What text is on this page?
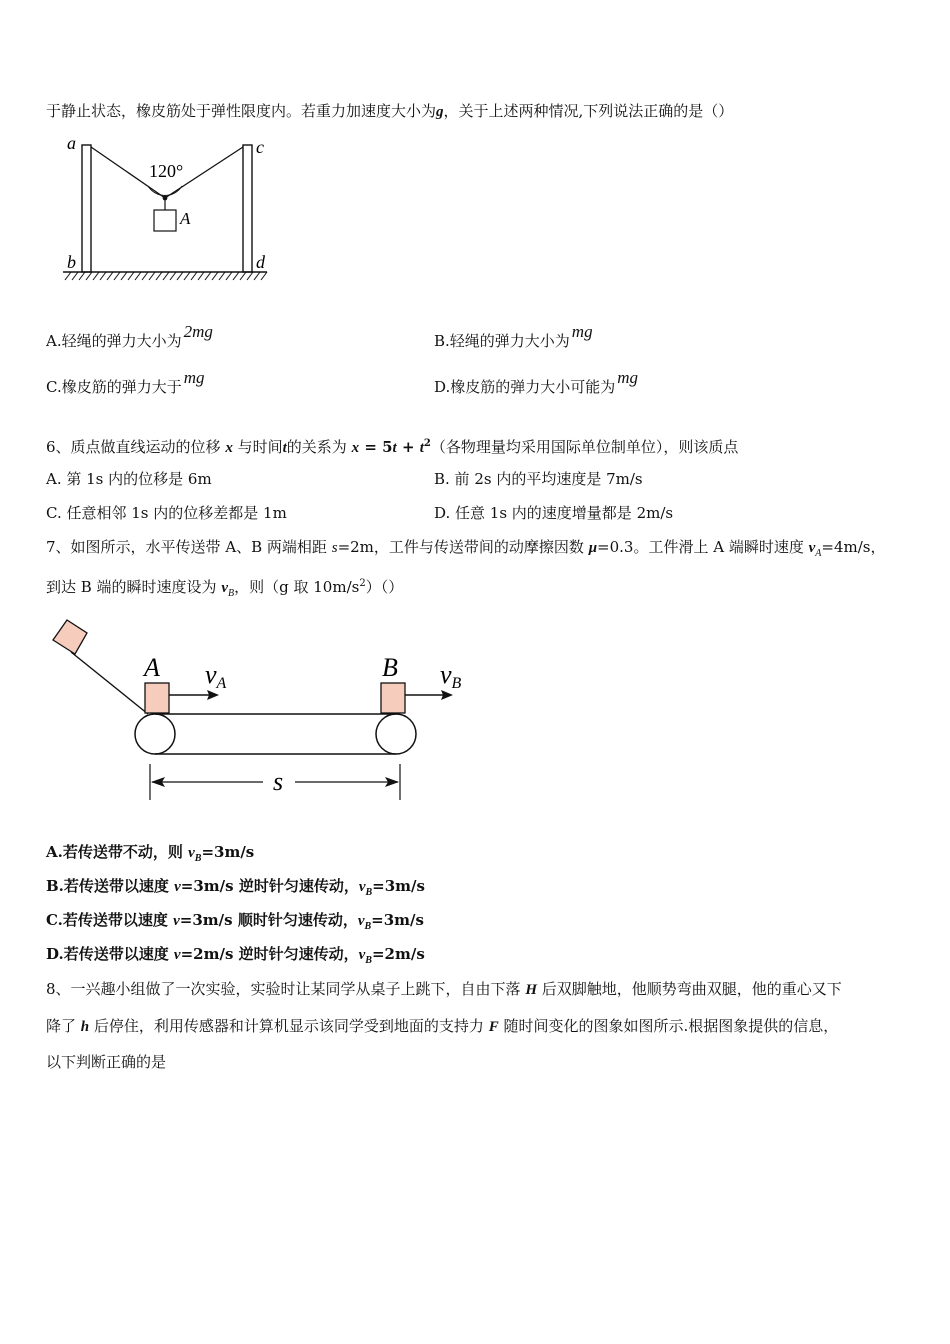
于静止状态，橡皮筋处于弹性限度内。若重力加速度大小为g，关于上述两种情况,下列说法正确的是（）
120°
A
a
b
c
d
A.轻绳的弹力大小为 2mg	B.轻绳的弹力大小为 mg
C.橡皮筋的弹力大于 mg	D.橡皮筋的弹力大小可能为 mg
6、质点做直线运动的位移 x 与时间t的关系为 $x = 5t + t^2$（各物理量均采用国际单位制单位），则该质点
A. 第 1s 内的位移是 6m	B. 前 2s 内的平均速度是 7m/s
C. 任意相邻 1s 内的位移差都是 1m	D. 任意 1s 内的速度增量都是 2m/s
7、如图所示，水平传送带 A、B 两端相距 s=2m，工件与传送带间的动摩擦因数 μ=0.3。工件滑上 A 端瞬时速度 $v_A=4m/s$，
到达 B 端的瞬时速度设为 $v_B$，则（g 取 $10m/s^2)()$
A	B
vA	vB
s
A.若传送带不动，则 $v_B=3m/s$
B.若传送带以速度 v=3m/s 逆时针匀速传动，$v_B=3m/s$
C.若传送带以速度 v=3m/s 顺时针匀速传动，$v_B=3m/s$
D.若传送带以速度 v=2m/s 逆时针匀速传动，$v_B=2m/s$
8、一兴趣小组做了一次实验，实验时让某同学从桌子上跳下，自由下落 H 后双脚触地，他顺势弯曲双腿，他的重心又下
降了 h 后停住，利用传感器和计算机显示该同学受到地面的支持力 F 随时间变化的图象如图所示.根据图象提供的信息，
以下判断正确的是
